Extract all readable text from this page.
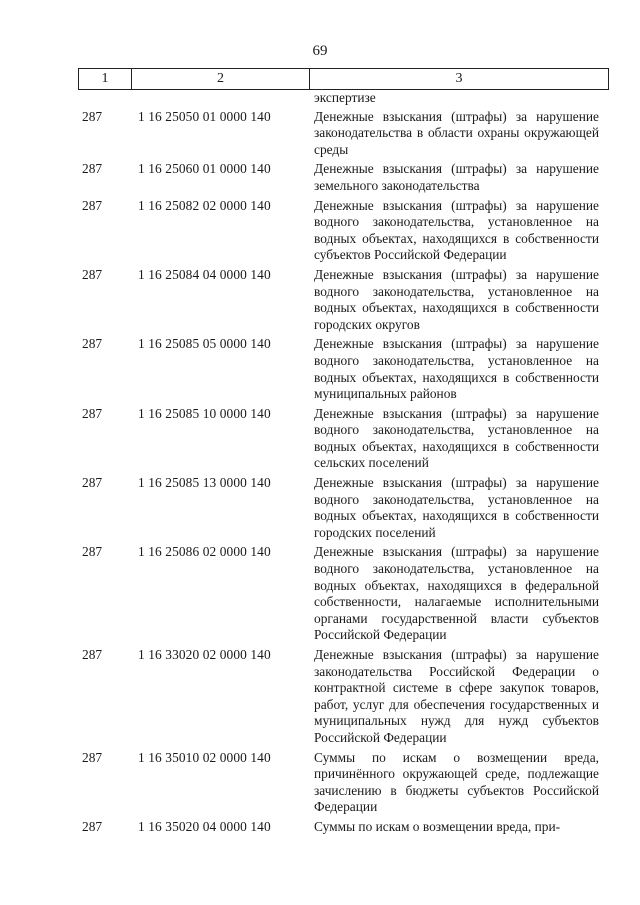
69
1	2	3
экспертизе
287	1 16 25050 01 0000 140	Денежные взыскания (штрафы) за нарушение законодательства в области охраны окружающей среды
287	1 16 25060 01 0000 140	Денежные взыскания (штрафы) за нарушение земельного законодательства
287	1 16 25082 02 0000 140	Денежные взыскания (штрафы) за нарушение водного законодательства, установленное на водных объектах, находящихся в собственности субъектов Российской Федерации
287	1 16 25084 04 0000 140	Денежные взыскания (штрафы) за нарушение водного законодательства, установленное на водных объектах, находящихся в собственности городских округов
287	1 16 25085 05 0000 140	Денежные взыскания (штрафы) за нарушение водного законодательства, установленное на водных объектах, находящихся в собственности муниципальных районов
287	1 16 25085 10 0000 140	Денежные взыскания (штрафы) за нарушение водного законодательства, установленное на водных объектах, находящихся в собственности сельских поселений
287	1 16 25085 13 0000 140	Денежные взыскания (штрафы) за нарушение водного законодательства, установленное на водных объектах, находящихся в собственности городских поселений
287	1 16 25086 02 0000 140	Денежные взыскания (штрафы) за нарушение водного законодательства, установленное на водных объектах, находящихся в федеральной собственности, налагаемые исполнительными органами государственной власти субъектов Российской Федерации
287	1 16 33020 02 0000 140	Денежные взыскания (штрафы) за нарушение законодательства Российской Федерации о контрактной системе в сфере закупок товаров, работ, услуг для обеспечения государственных и муниципальных нужд для нужд субъектов Российской Федерации
287	1 16 35010 02 0000 140	Суммы по искам о возмещении вреда, причинённого окружающей среде, подлежащие зачислению в бюджеты субъектов Российской Федерации
287	1 16 35020 04 0000 140	Суммы по искам о возмещении вреда, при-
